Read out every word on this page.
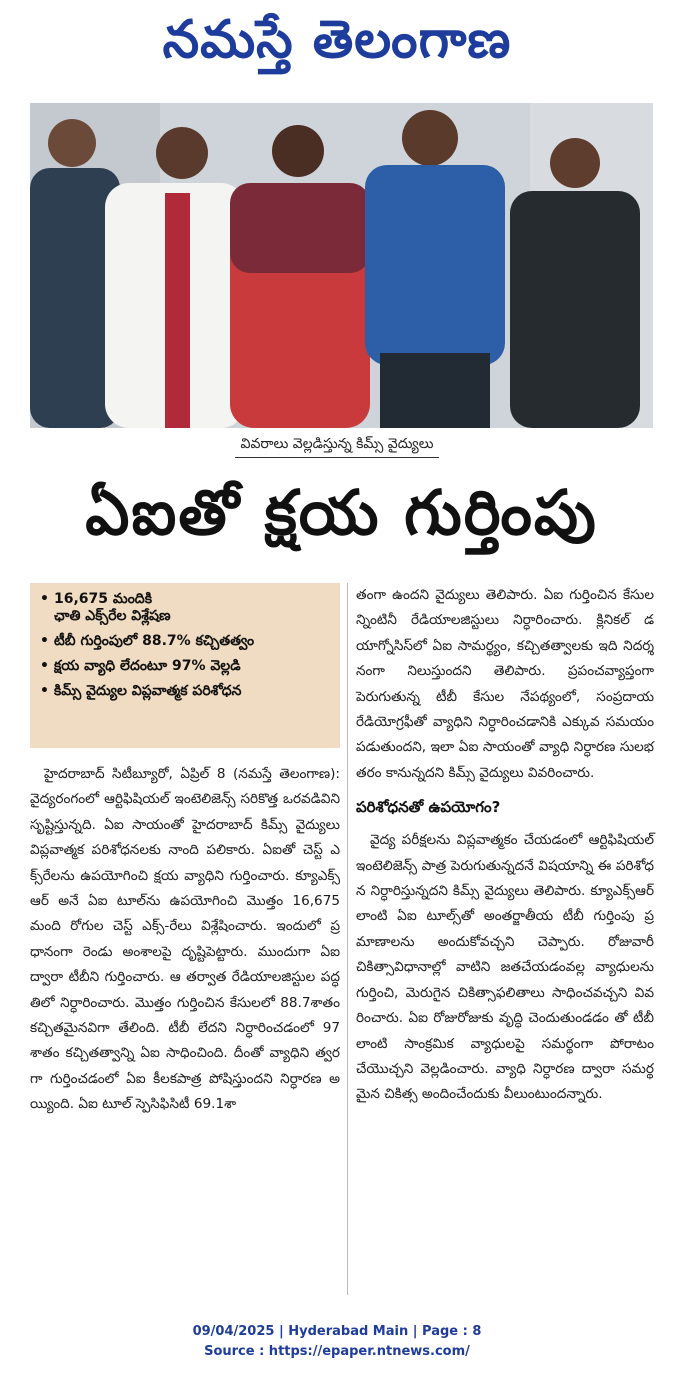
నమస్తే తెలంగాణ
వివరాలు వెల్లడిస్తున్న కిమ్స్ వైద్యులు
ఏఐతో క్షయ గుర్తింపు
• 16,675 మందికి
ఛాతి ఎక్స్‌రేల విశ్లేషణ
• టీబీ గుర్తింపులో 88.7% కచ్చితత్వం
• క్షయ వ్యాధి లేదంటూ 97% వెల్లడి
• కిమ్స్ వైద్యుల విప్లవాత్మక పరిశోధన

హైదరాబాద్ సిటీబ్యూరో, ఏప్రిల్ 8 (నమస్తే తెలంగాణ): వైద్యరంగంలో ఆర్టిఫిషియల్ ఇంటెలిజెన్స్ సరికొత్త ఒరవడివిని సృష్టిస్తున్నది. ఏఐ సాయంతో హైదరాబాద్ కిమ్స్ వైద్యులు విప్లవాత్మక పరిశోధనలకు నాంది పలికారు. ఏఐతో చెస్ట్ ఎక్స్‌రేలను ఉపయోగించి క్షయ వ్యాధిని గుర్తించారు. క్యూఎక్స్ ఆర్ అనే ఏఐ టూల్‌ను ఉపయోగించి మొత్తం 16,675 మంది రోగుల చెస్ట్ ఎక్స్-రేలు విశ్లేషించారు. ఇందులో ప్రధానంగా రెండు అంశాలపై దృష్టిపెట్టారు. ముందుగా ఏఐ ద్వారా టీబీని గుర్తించారు. ఆ తర్వాత రేడియాలజిస్టుల పద్ధతిలో నిర్ధారించారు. మొత్తం గుర్తించిన కేసులలో 88.7శాతం కచ్చితమైనవిగా తేలింది. టీబీ లేదని నిర్ధారించడంలో 97శాతం కచ్చితత్వాన్ని ఏఐ సాధించింది. దీంతో వ్యాధిని త్వరగా గుర్తించడంలో ఏఐ కీలకపాత్ర పోషిస్తుందని నిర్ధారణ అయ్యింది. ఏఐ టూల్ స్పెసిఫిసిటీ 69.1శా

తంగా ఉందని వైద్యులు తెలిపారు. ఏఐ గుర్తించిన కేసులన్నింటినీ రేడియాలజిస్టులు నిర్ధారించారు. క్లినికల్ డయాగ్నోసిస్‌లో ఏఐ సామర్థ్యం, కచ్చితత్వాలకు ఇది నిదర్శనంగా నిలుస్తుందని తెలిపారు. ప్రపంచవ్యాప్తంగా పెరుగుతున్న టీబీ కేసుల నేపథ్యంలో, సంప్రదాయ రేడియోగ్రఫీతో వ్యాధిని నిర్ధారించడానికి ఎక్కువ సమయం పడుతుందని, ఇలా ఏఐ సాయంతో వ్యాధి నిర్ధారణ సులభతరం కానున్నదని కిమ్స్ వైద్యులు వివరించారు.

పరిశోధనతో ఉపయోగం?

వైద్య పరీక్షలను విప్లవాత్మకం చేయడంలో ఆర్టిఫిషియల్ ఇంటెలిజెన్స్ పాత్ర పెరుగుతున్నదనే విషయాన్ని ఈ పరిశోధన నిర్ధారిస్తున్నదని కిమ్స్ వైద్యులు తెలిపారు. క్యూఎక్స్‌ఆర్ లాంటి ఏఐ టూల్స్‌తో అంతర్జాతీయ టీబీ గుర్తింపు ప్రమాణాలను అందుకోవచ్చని చెప్పారు. రోజువారీ చికిత్సావిధానాల్లో వాటిని జతచేయడంవల్ల వ్యాధులను గుర్తించి, మెరుగైన చికిత్సాఫలితాలు సాధించవచ్చని వివరించారు. ఏఐ రోజురోజుకు వృద్ధి చెందుతుండడం తో టీబీ లాంటి సాంక్రమిక వ్యాధులపై సమర్థంగా పోరాటం చేయొచ్చని వెల్లడించారు. వ్యాధి నిర్ధారణ ద్వారా సమర్థమైన చికిత్స అందించేందుకు వీలుంటుందన్నారు.

09/04/2025 | Hyderabad Main | Page : 8
Source : https://epaper.ntnews.com/
